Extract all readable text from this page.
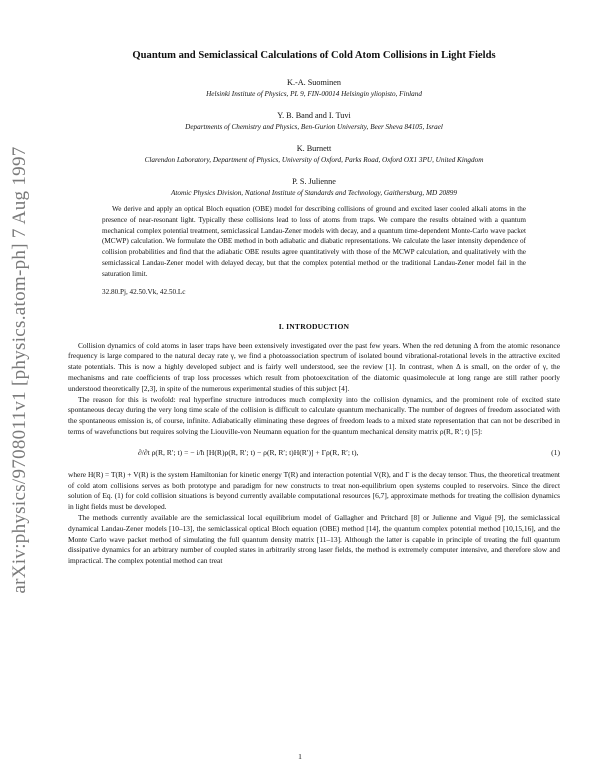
arXiv:physics/9708011v1 [physics.atom-ph] 7 Aug 1997
Quantum and Semiclassical Calculations of Cold Atom Collisions in Light Fields

K.-A. Suominen

Helsinki Institute of Physics, PL 9, FIN-00014 Helsingin yliopisto, Finland

Y. B. Band and I. Tuvi

Departments of Chemistry and Physics, Ben-Gurion University, Beer Sheva 84105, Israel

K. Burnett

Clarendon Laboratory, Department of Physics, University of Oxford, Parks Road, Oxford OX1 3PU, United Kingdom

P. S. Julienne

Atomic Physics Division, National Institute of Standards and Technology, Gaithersburg, MD 20899

We derive and apply an optical Bloch equation (OBE) model for describing collisions of ground and excited laser cooled alkali atoms in the presence of near-resonant light. Typically these collisions lead to loss of atoms from traps. We compare the results obtained with a quantum mechanical complex potential treatment, semiclassical Landau-Zener models with decay, and a quantum time-dependent Monte-Carlo wave packet (MCWP) calculation. We formulate the OBE method in both adiabatic and diabatic representations. We calculate the laser intensity dependence of collision probabilities and find that the adiabatic OBE results agree quantitatively with those of the MCWP calculation, and qualitatively with the semiclassical Landau-Zener model with delayed decay, but that the complex potential method or the traditional Landau-Zener model fail in the saturation limit.

32.80.Pj, 42.50.Vk, 42.50.Lc

I. INTRODUCTION

Collision dynamics of cold atoms in laser traps have been extensively investigated over the past few years. When the red detuning Δ from the atomic resonance frequency is large compared to the natural decay rate γ, we find a photoassociation spectrum of isolated bound vibrational-rotational levels in the attractive excited state potentials. This is now a highly developed subject and is fairly well understood, see the review [1]. In contrast, when Δ is small, on the order of γ, the mechanisms and rate coefficients of trap loss processes which result from photoexcitation of the diatomic quasimolecule at long range are still rather poorly understood theoretically [2,3], in spite of the numerous experimental studies of this subject [4].

The reason for this is twofold: real hyperfine structure introduces much complexity into the collision dynamics, and the prominent role of excited state spontaneous decay during the very long time scale of the collision is difficult to calculate quantum mechanically. The number of degrees of freedom associated with the spontaneous emission is, of course, infinite. Adiabatically eliminating these degrees of freedom leads to a mixed state representation that can not be described in terms of wavefunctions but requires solving the Liouville-von Neumann equation for the quantum mechanical density matrix ρ(R, R′; t) [5]:

∂/∂t ρ(R, R′; t) = − i/ħ [H(R)ρ(R, R′; t) − ρ(R, R′; t)H(R′)] + Γρ(R, R′; t),	(1)

where H(R) = T(R) + V(R) is the system Hamiltonian for kinetic energy T(R) and interaction potential V(R), and Γ is the decay tensor. Thus, the theoretical treatment of cold atom collisions serves as both prototype and paradigm for new constructs to treat non-equilibrium open systems coupled to reservoirs. Since the direct solution of Eq. (1) for cold collision situations is beyond currently available computational resources [6,7], approximate methods for treating the collision dynamics in light fields must be developed.

The methods currently available are the semiclassical local equilibrium model of Gallagher and Pritchard [8] or Julienne and Vigué [9], the semiclassical dynamical Landau-Zener models [10–13], the semiclassical optical Bloch equation (OBE) method [14], the quantum complex potential method [10,15,16], and the Monte Carlo wave packet method of simulating the full quantum density matrix [11–13]. Although the latter is capable in principle of treating the full quantum dissipative dynamics for an arbitrary number of coupled states in arbitrarily strong laser fields, the method is extremely computer intensive, and therefore slow and impractical. The complex potential method can treat

1
